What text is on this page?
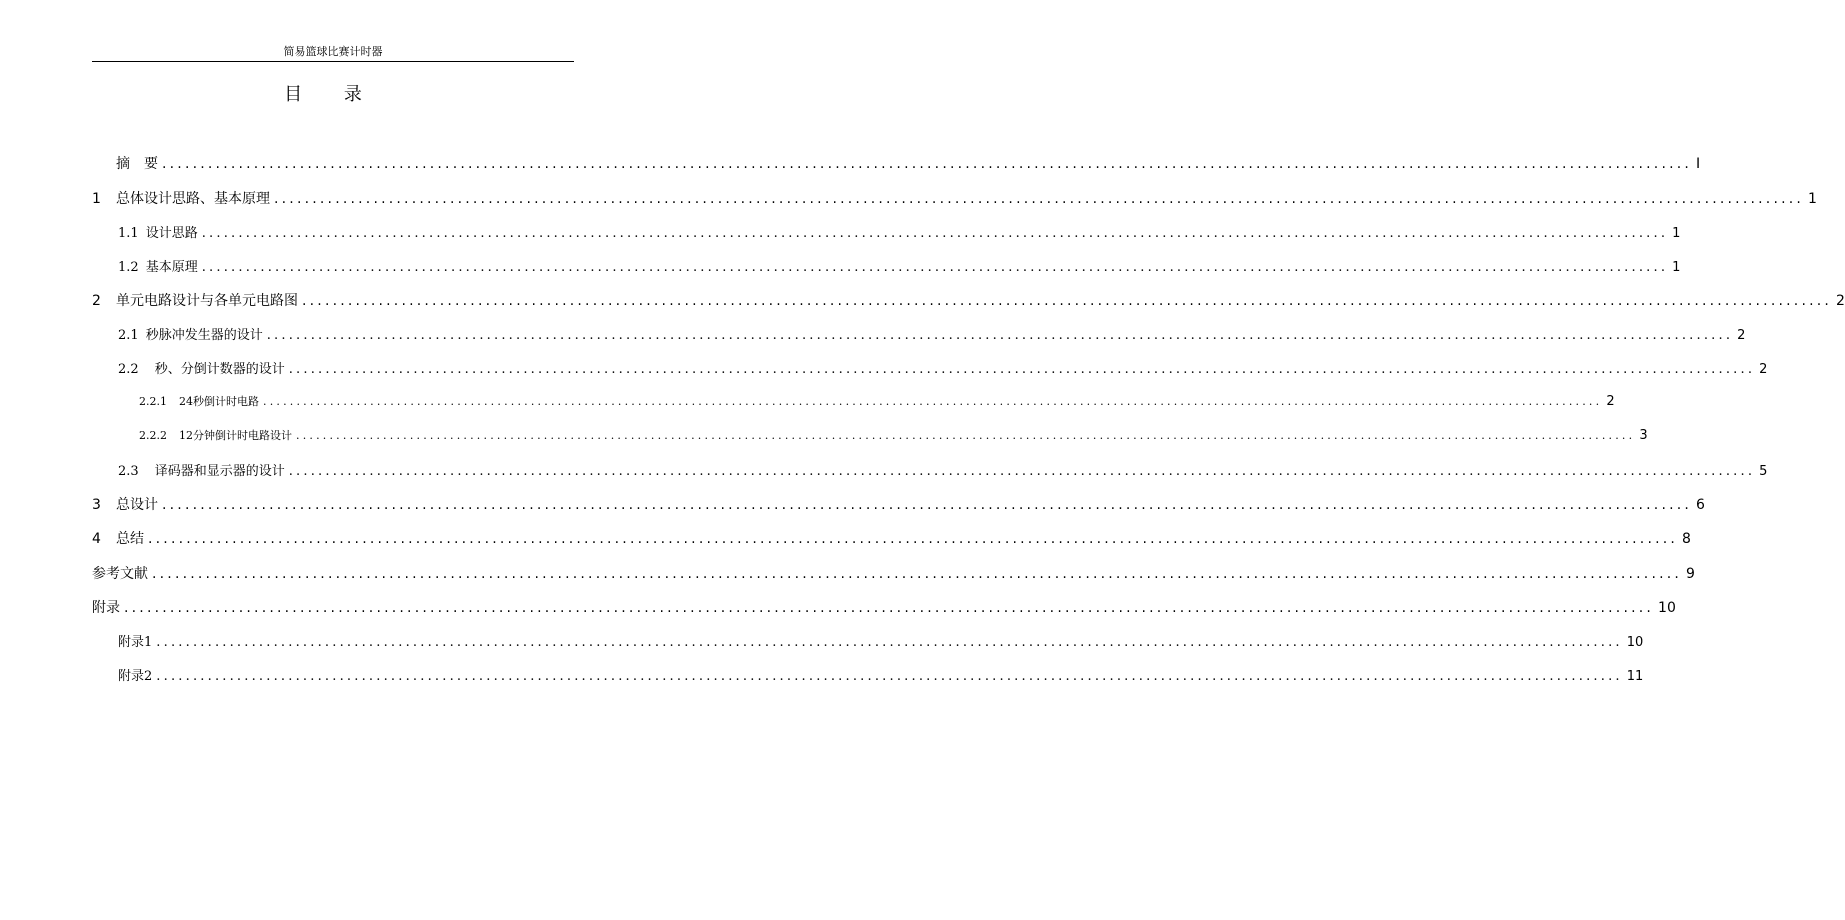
简易篮球比赛计时器
目 录
摘　要 ........................................................................................................................................................................................................ I
1	总体设计思路、基本原理 ........................................................................................................................................................................................................ 1
1.1 设计思路 ........................................................................................................................................................................................................ 1
1.2 基本原理 ........................................................................................................................................................................................................ 1
2	单元电路设计与各单元电路图 ........................................................................................................................................................................................................ 2
2.1 秒脉冲发生器的设计 ........................................................................................................................................................................................................ 2
2.2 秒、分倒计数器的设计 ........................................................................................................................................................................................................ 2
2.2.1 24秒倒计时电路 ........................................................................................................................................................................................................ 2
2.2.2 12分钟倒计时电路设计 ........................................................................................................................................................................................................ 3
2.3 译码器和显示器的设计 ........................................................................................................................................................................................................ 5
3	总设计 ........................................................................................................................................................................................................ 6
4	总结 ........................................................................................................................................................................................................ 8
参考文献 ........................................................................................................................................................................................................ 9
附录 ........................................................................................................................................................................................................ 10
附录1 ........................................................................................................................................................................................................ 10
附录2 ........................................................................................................................................................................................................ 11
